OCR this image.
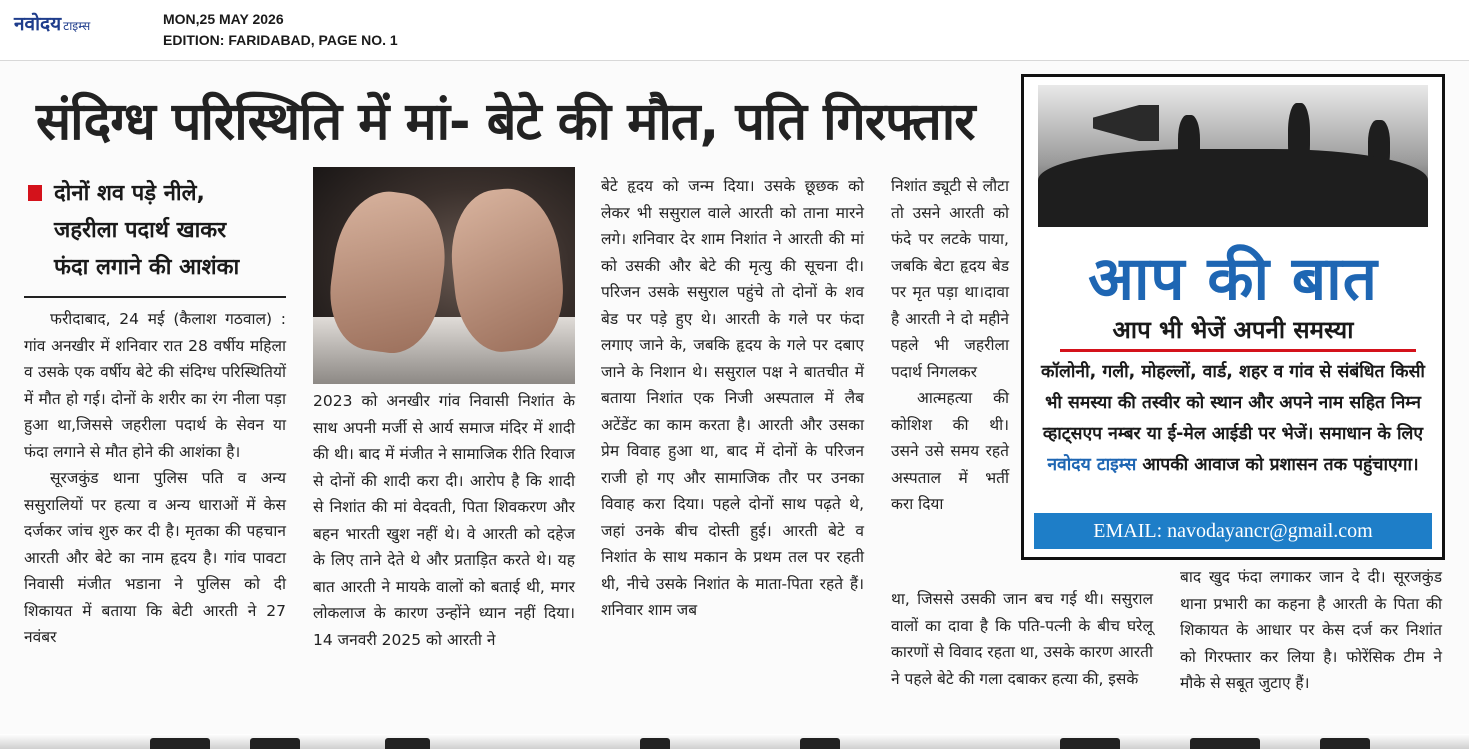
नवोदय टाइम्स	MON,25 MAY 2026
EDITION: FARIDABAD, PAGE NO. 1
संदिग्ध परिस्थिति में मां- बेटे की मौत, पति गिरफ्तार
दोनों शव पड़े नीले,
जहरीला पदार्थ खाकर
फंदा लगाने की आशंका

फरीदाबाद, 24 मई (कैलाश गठवाल) : गांव अनखीर में शनिवार रात 28 वर्षीय महिला व उसके एक वर्षीय बेटे की संदिग्ध परिस्थितियों में मौत हो गई। दोनों के शरीर का रंग नीला पड़ा हुआ था,जिससे जहरीला पदार्थ के सेवन या फंदा लगाने से मौत होने की आशंका है।

सूरजकुंड थाना पुलिस पति व अन्य ससुरालियों पर हत्या व अन्य धाराओं में केस दर्जकर जांच शुरु कर दी है। मृतका की पहचान आरती और बेटे का नाम हृदय है। गांव पावटा निवासी मंजीत भडाना ने पुलिस को दी शिकायत में बताया कि बेटी आरती ने 27 नवंबर

2023 को अनखीर गांव निवासी निशांत के साथ अपनी मर्जी से आर्य समाज मंदिर में शादी की थी। बाद में मंजीत ने सामाजिक रीति रिवाज से दोनों की शादी करा दी। आरोप है कि शादी से निशांत की मां वेदवती, पिता शिवकरण और बहन भारती खुश नहीं थे। वे आरती को दहेज के लिए ताने देते थे और प्रताड़ित करते थे। यह बात आरती ने मायके वालों को बताई थी, मगर लोकलाज के कारण उन्होंने ध्यान नहीं दिया। 14 जनवरी 2025 को आरती ने

बेटे हृदय को जन्म दिया। उसके छूछक को लेकर भी ससुराल वाले आरती को ताना मारने लगे। शनिवार देर शाम निशांत ने आरती की मां को उसकी और बेटे की मृत्यु की सूचना दी। परिजन उसके ससुराल पहुंचे तो दोनों के शव बेड पर पड़े हुए थे। आरती के गले पर फंदा लगाए जाने के, जबकि हृदय के गले पर दबाए जाने के निशान थे। ससुराल पक्ष ने बातचीत में बताया निशांत एक निजी अस्पताल में लैब अटेंडेंट का काम करता है। आरती और उसका प्रेम विवाह हुआ था, बाद में दोनों के परिजन राजी हो गए और सामाजिक तौर पर उनका विवाह करा दिया। पहले दोनों साथ पढ़ते थे, जहां उनके बीच दोस्ती हुई। आरती बेटे व निशांत के साथ मकान के प्रथम तल पर रहती थी, नीचे उसके निशांत के माता-पिता रहते हैं। शनिवार शाम जब

निशांत ड्यूटी से लौटा तो उसने आरती को फंदे पर लटके पाया, जबकि बेटा हृदय बेड पर मृत पड़ा था।दावा है आरती ने दो महीने पहले भी जहरीला पदार्थ निगलकर

आत्महत्या की कोशिश की थी। उसने उसे समय रहते अस्पताल में भर्ती करा दिया

था, जिससे उसकी जान बच गई थी। ससुराल वालों का दावा है कि पति-पत्नी के बीच घरेलू कारणों से विवाद रहता था, उसके कारण आरती ने पहले बेटे की गला दबाकर हत्या की, इसके

बाद खुद फंदा लगाकर जान दे दी। सूरजकुंड थाना प्रभारी का कहना है आरती के पिता की शिकायत के आधार पर केस दर्ज कर निशांत को गिरफ्तार कर लिया है। फोरेंसिक टीम ने मौके से सबूत जुटाए हैं।

आप की बात
आप भी भेजें अपनी समस्या
कॉलोनी, गली, मोहल्लों, वार्ड, शहर व गांव से संबंधित किसी भी समस्या की तस्वीर को स्थान और अपने नाम सहित निम्न व्हाट्सएप नम्बर या ई-मेल आईडी पर भेजें। समाधान के लिए नवोदय टाइम्स आपकी आवाज को प्रशासन तक पहुंचाएगा।
EMAIL: navodayancr@gmail.com
